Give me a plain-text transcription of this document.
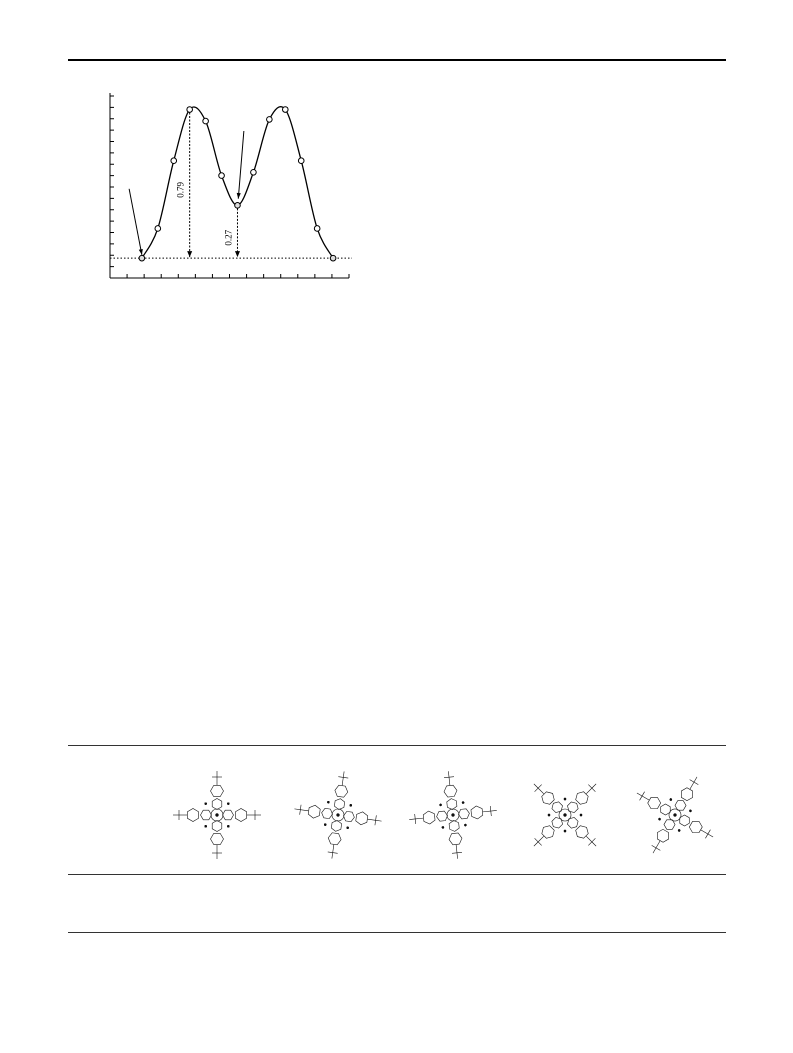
0.79
0.27
